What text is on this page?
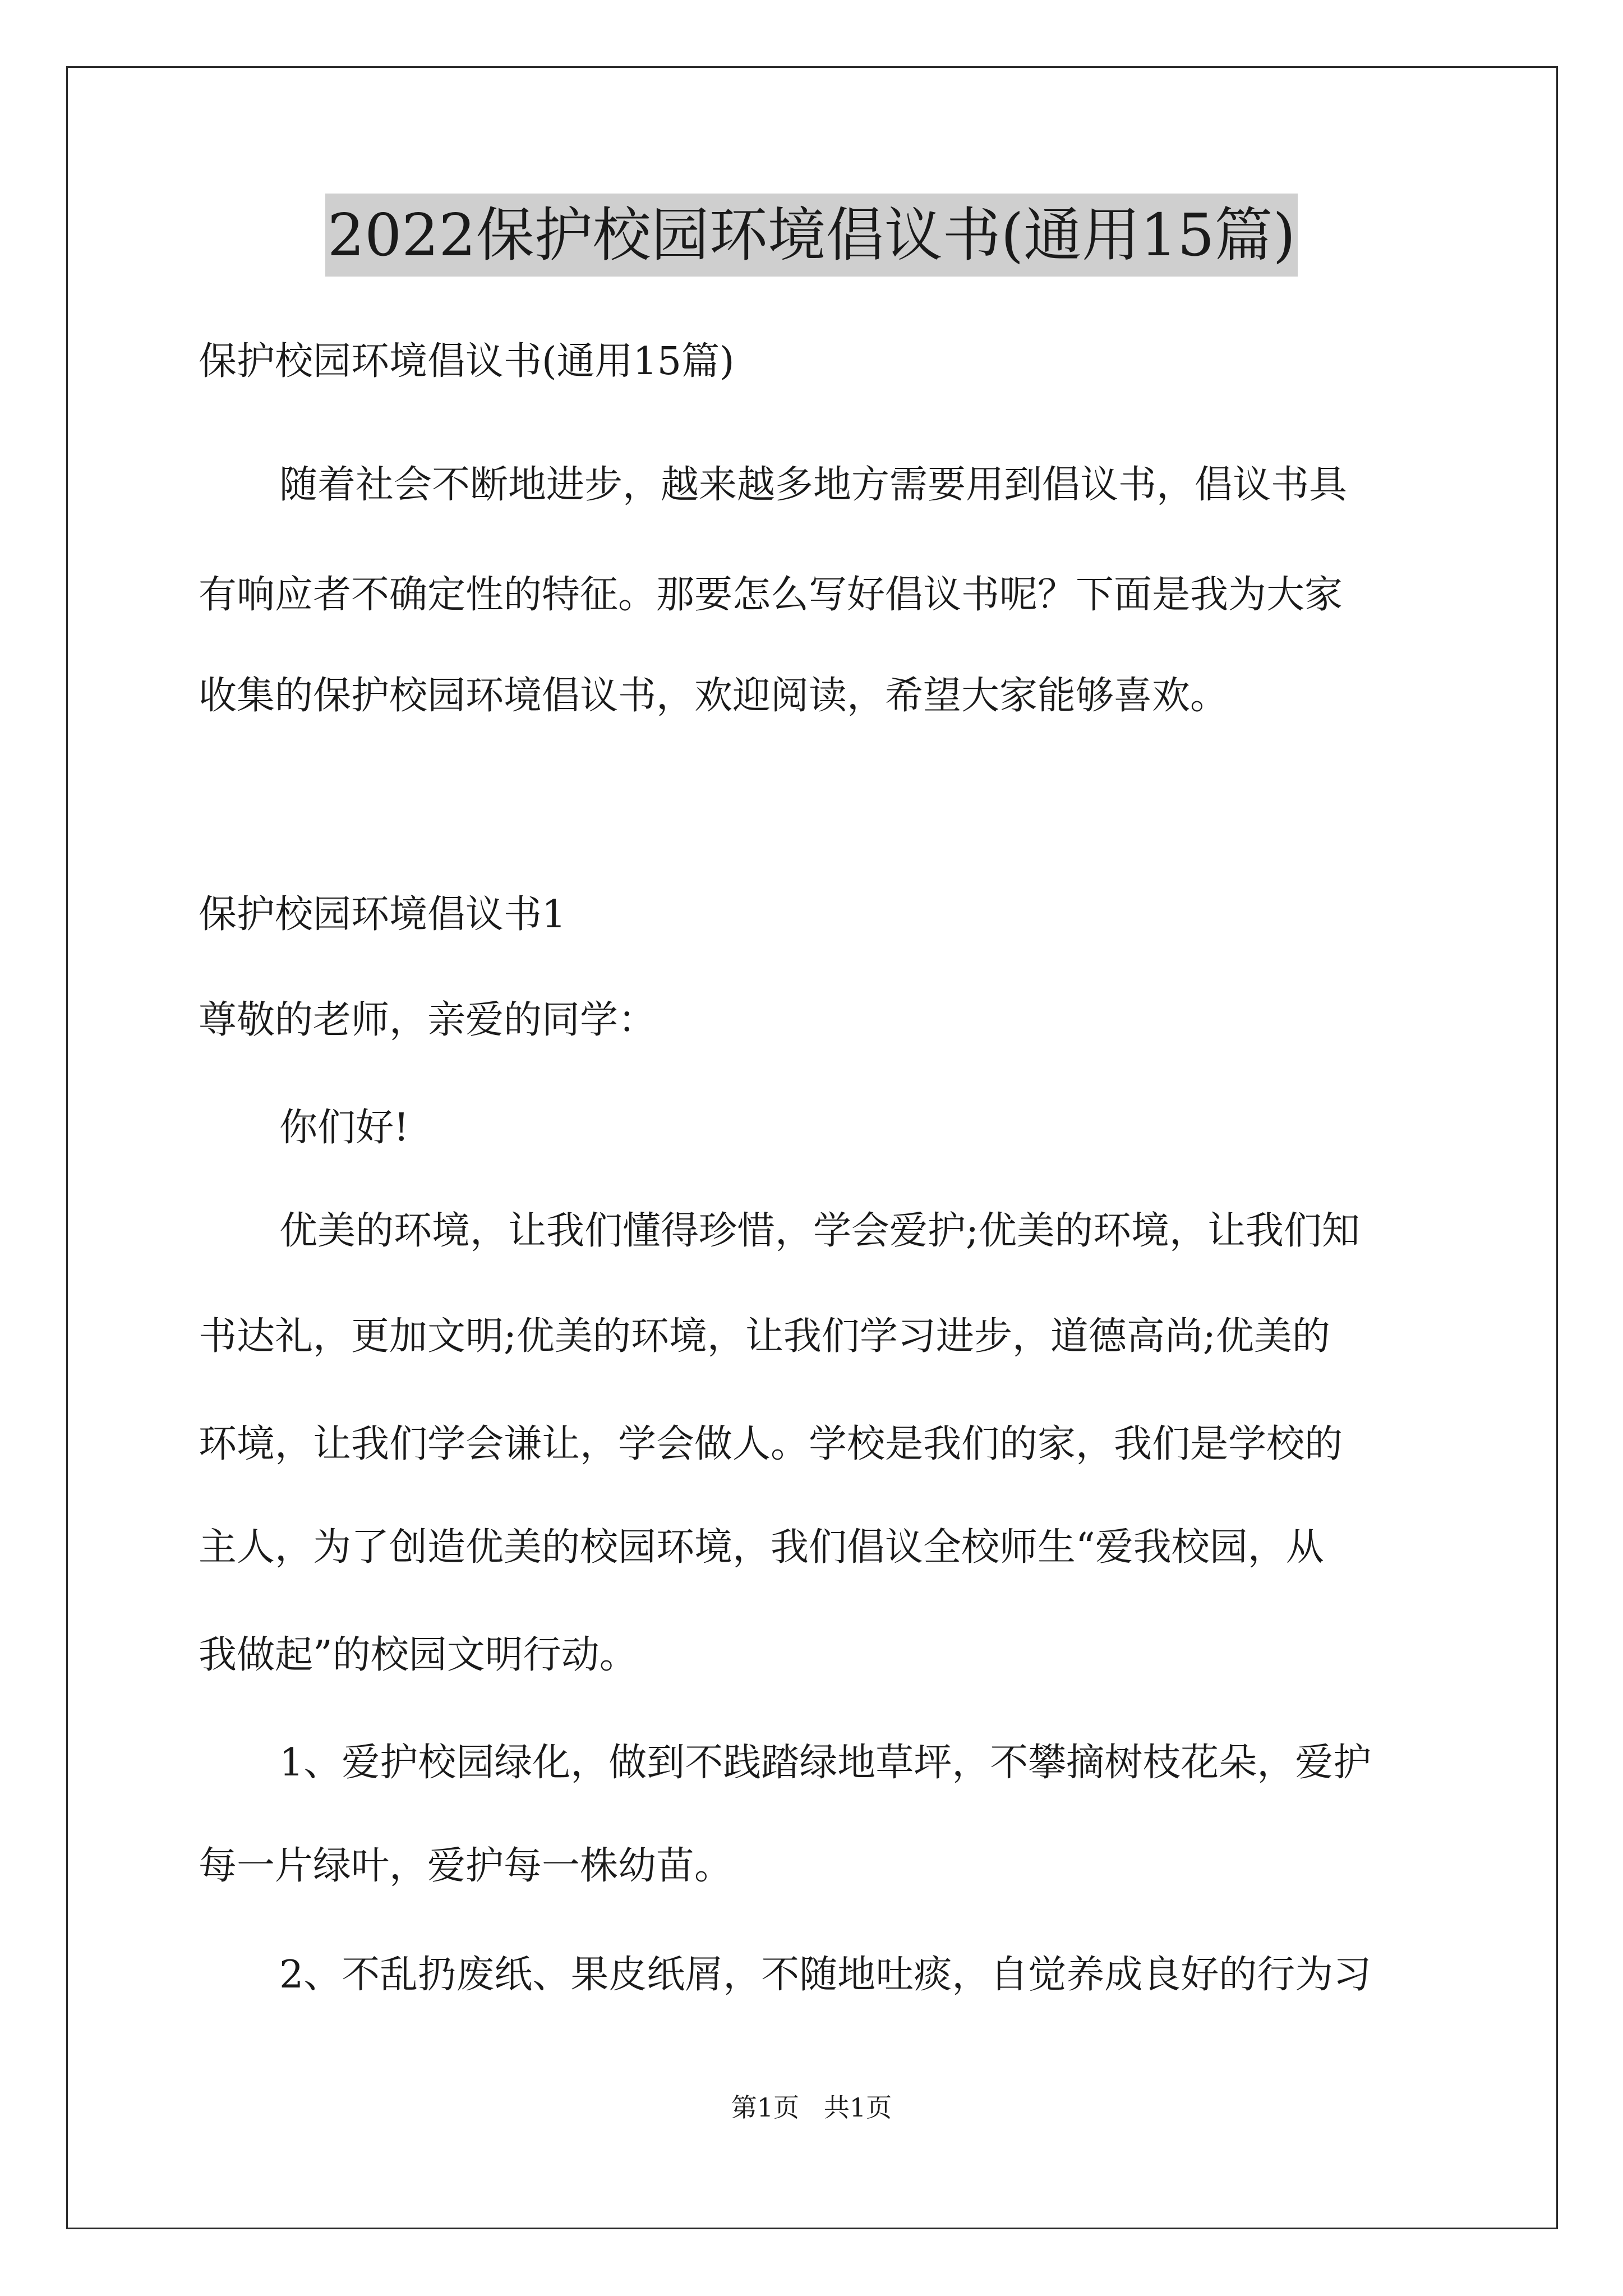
2022保护校园环境倡议书(通用15篇)
保护校园环境倡议书(通用15篇)
随着社会不断地进步，越来越多地方需要用到倡议书，倡议书具
有响应者不确定性的特征。那要怎么写好倡议书呢？下面是我为大家
收集的保护校园环境倡议书，欢迎阅读，希望大家能够喜欢。
保护校园环境倡议书1
尊敬的老师，亲爱的同学：
你们好!
优美的环境，让我们懂得珍惜，学会爱护;优美的环境，让我们知
书达礼，更加文明;优美的环境，让我们学习进步，道德高尚;优美的
环境，让我们学会谦让，学会做人。学校是我们的家，我们是学校的
主人，为了创造优美的校园环境，我们倡议全校师生“爱我校园，从
我做起”的校园文明行动。
1、爱护校园绿化，做到不践踏绿地草坪，不攀摘树枝花朵，爱护
每一片绿叶，爱护每一株幼苗。
2、不乱扔废纸、果皮纸屑，不随地吐痰，自觉养成良好的行为习
第1页   共1页
